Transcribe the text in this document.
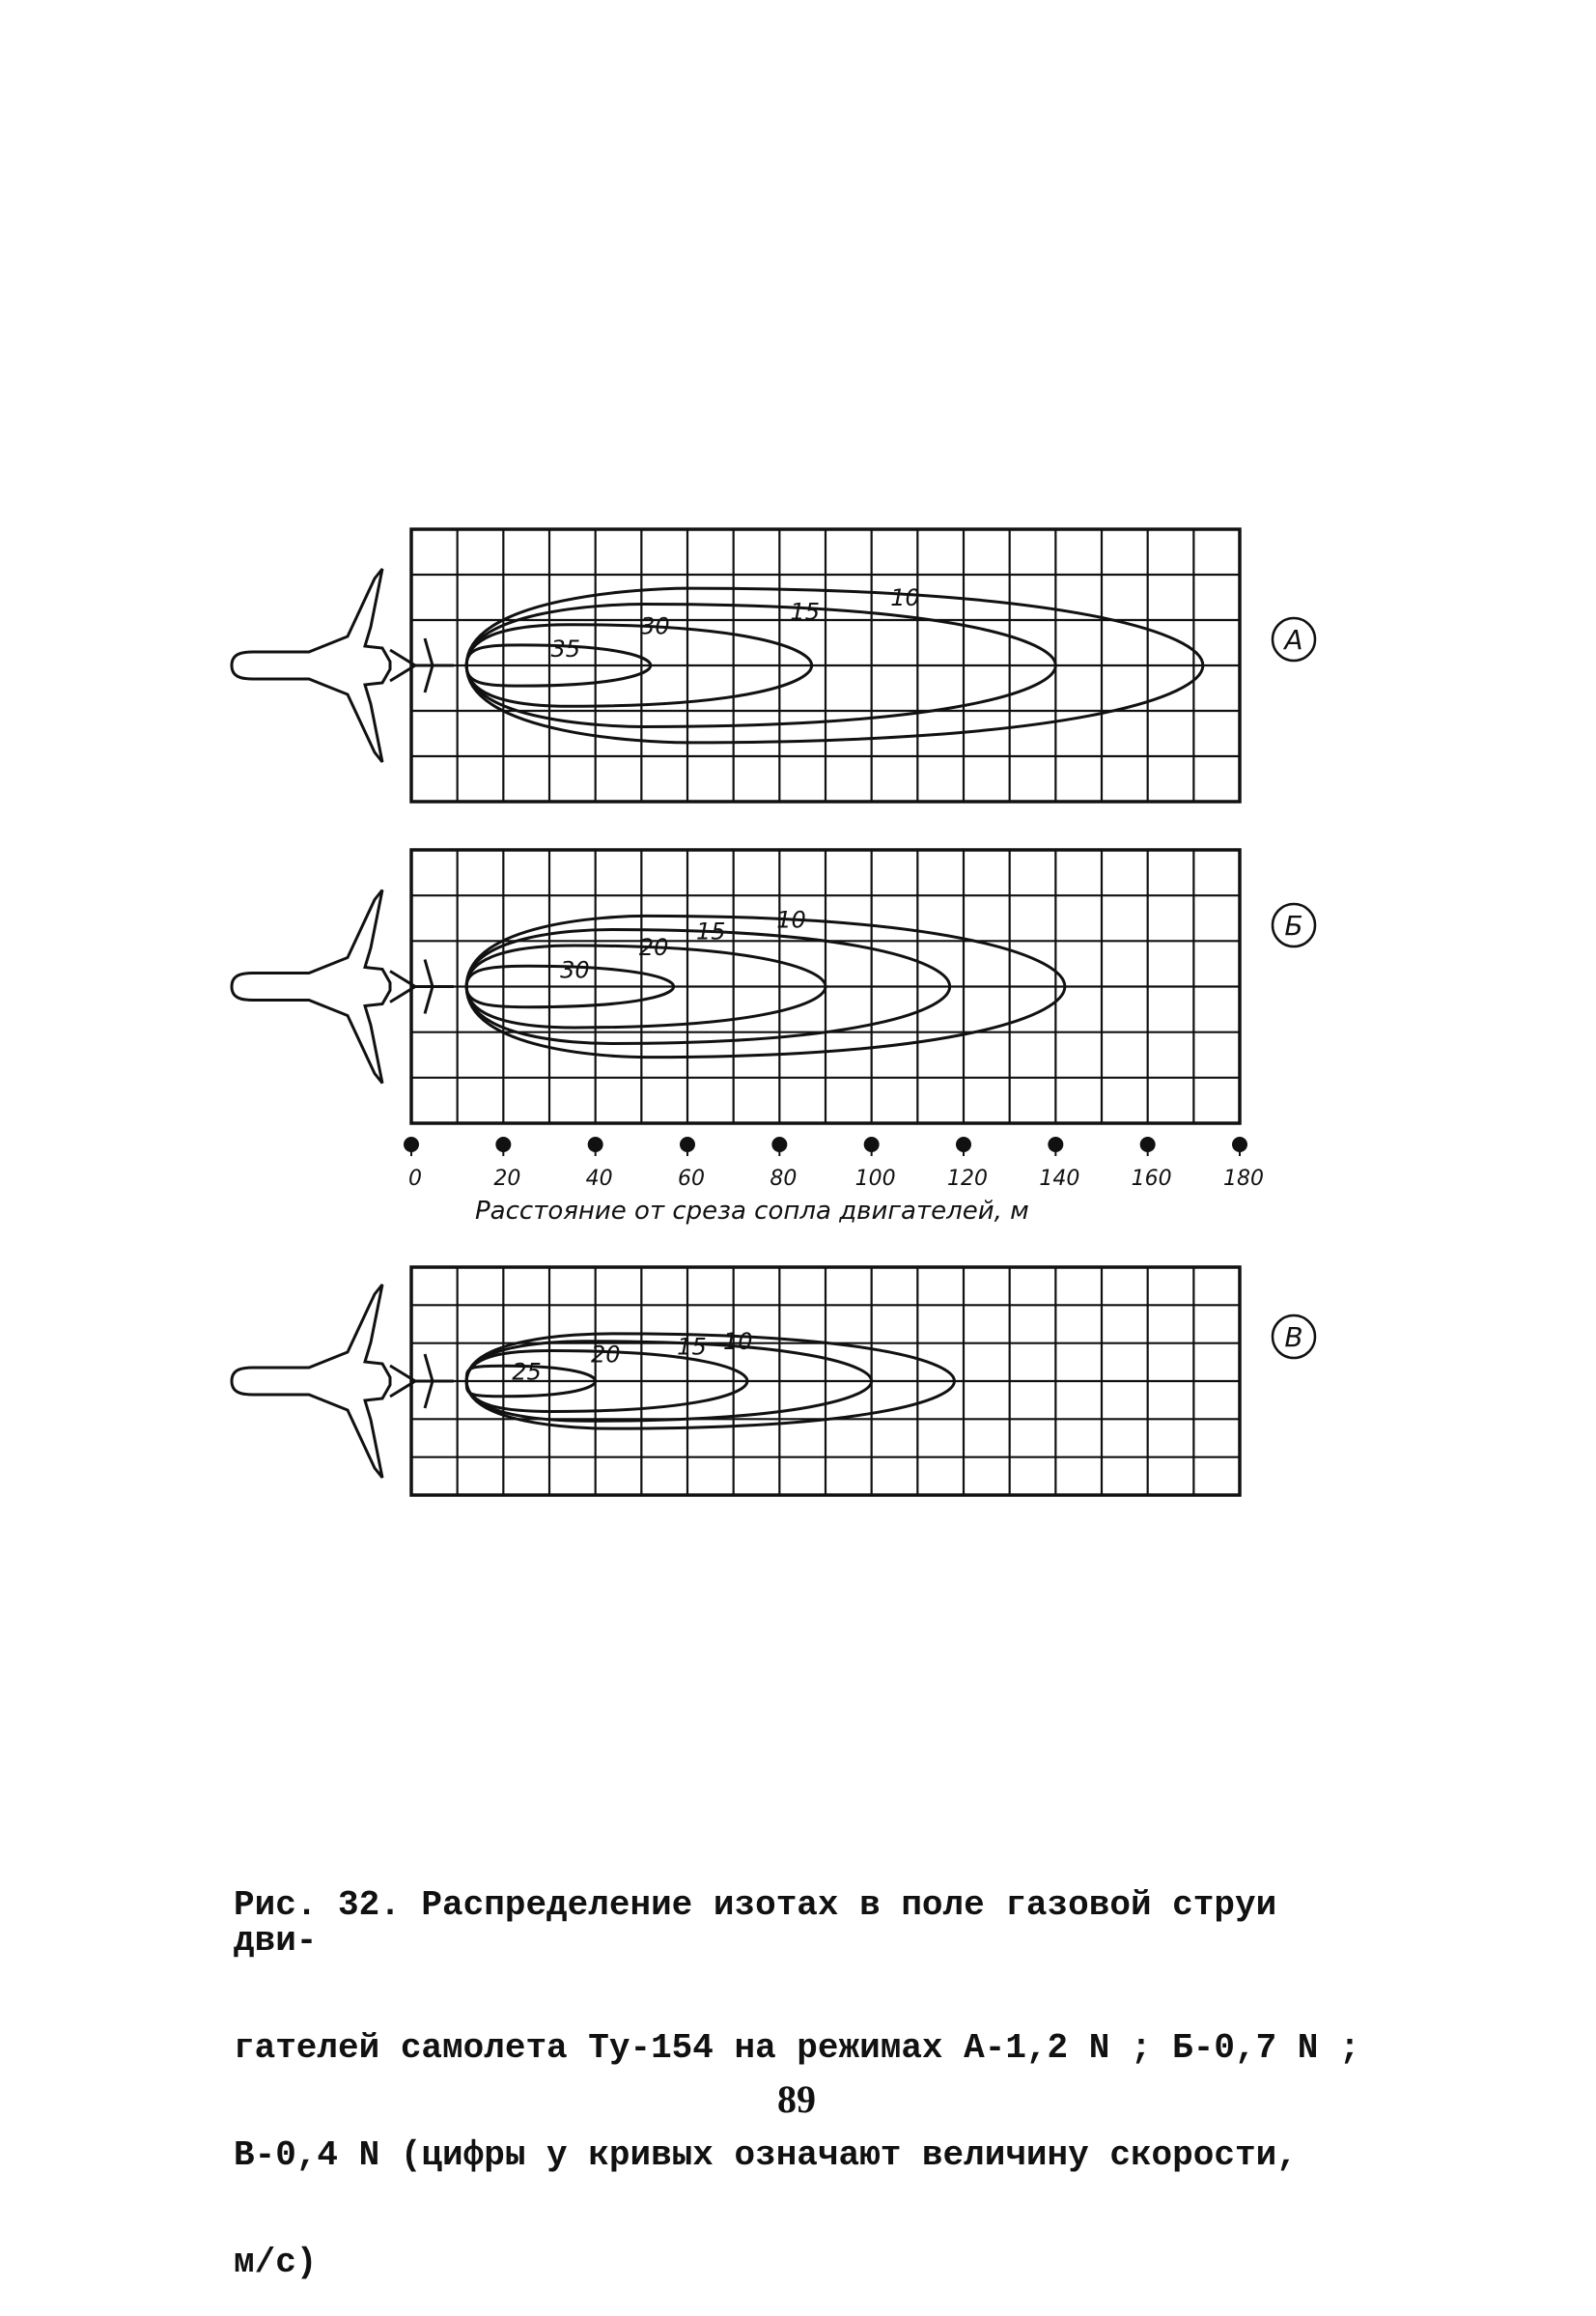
35
30
15
10
А
30
20
15 10	Б
25
20 15 10	В
0	20	40	60	80	100 120 140 160 180
Расстояние от среза сопла двигателей, м

Рис. 32. Распределение изотах в поле газовой струи дви-

гателей самолета Ту-154 на режимах А-1,2 N ; Б-0,7 N ;

В-0,4 N (цифры у кривых означают величину скорости,

м/с)

89
